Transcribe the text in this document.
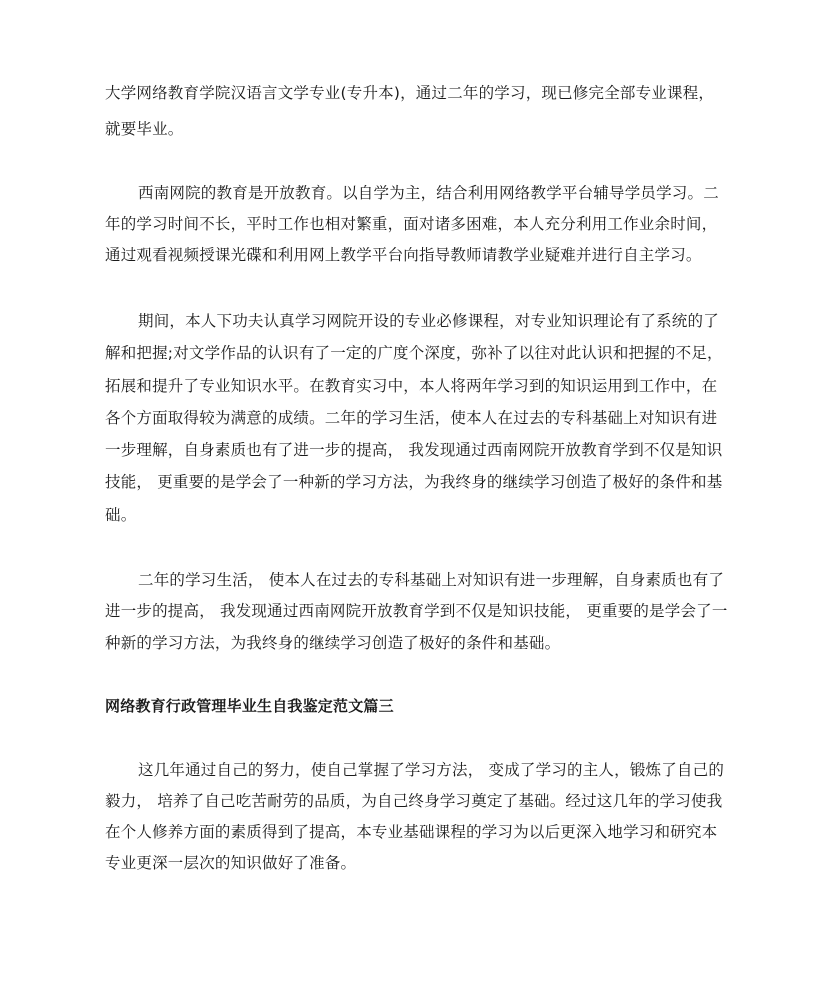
大学网络教育学院汉语言文学专业(专升本)，通过二年的学习，现已修完全部专业课程，
就要毕业。
西南网院的教育是开放教育。以自学为主，结合利用网络教学平台辅导学员学习。二
年的学习时间不长，平时工作也相对繁重，面对诸多困难，本人充分利用工作业余时间，
通过观看视频授课光碟和利用网上教学平台向指导教师请教学业疑难并进行自主学习。
期间，本人下功夫认真学习网院开设的专业必修课程，对专业知识理论有了系统的了
解和把握;对文学作品的认识有了一定的广度个深度，弥补了以往对此认识和把握的不足，
拓展和提升了专业知识水平。在教育实习中，本人将两年学习到的知识运用到工作中，在
各个方面取得较为满意的成绩。二年的学习生活，使本人在过去的专科基础上对知识有进
一步理解，自身素质也有了进一步的提高， 我发现通过西南网院开放教育学到不仅是知识
技能， 更重要的是学会了一种新的学习方法，为我终身的继续学习创造了极好的条件和基
础。
二年的学习生活， 使本人在过去的专科基础上对知识有进一步理解，自身素质也有了
进一步的提高， 我发现通过西南网院开放教育学到不仅是知识技能， 更重要的是学会了一
种新的学习方法，为我终身的继续学习创造了极好的条件和基础。
网络教育行政管理毕业生自我鉴定范文篇三
这几年通过自己的努力，使自己掌握了学习方法， 变成了学习的主人，锻炼了自己的
毅力， 培养了自己吃苦耐劳的品质，为自己终身学习奠定了基础。经过这几年的学习使我
在个人修养方面的素质得到了提高，本专业基础课程的学习为以后更深入地学习和研究本
专业更深一层次的知识做好了准备。
